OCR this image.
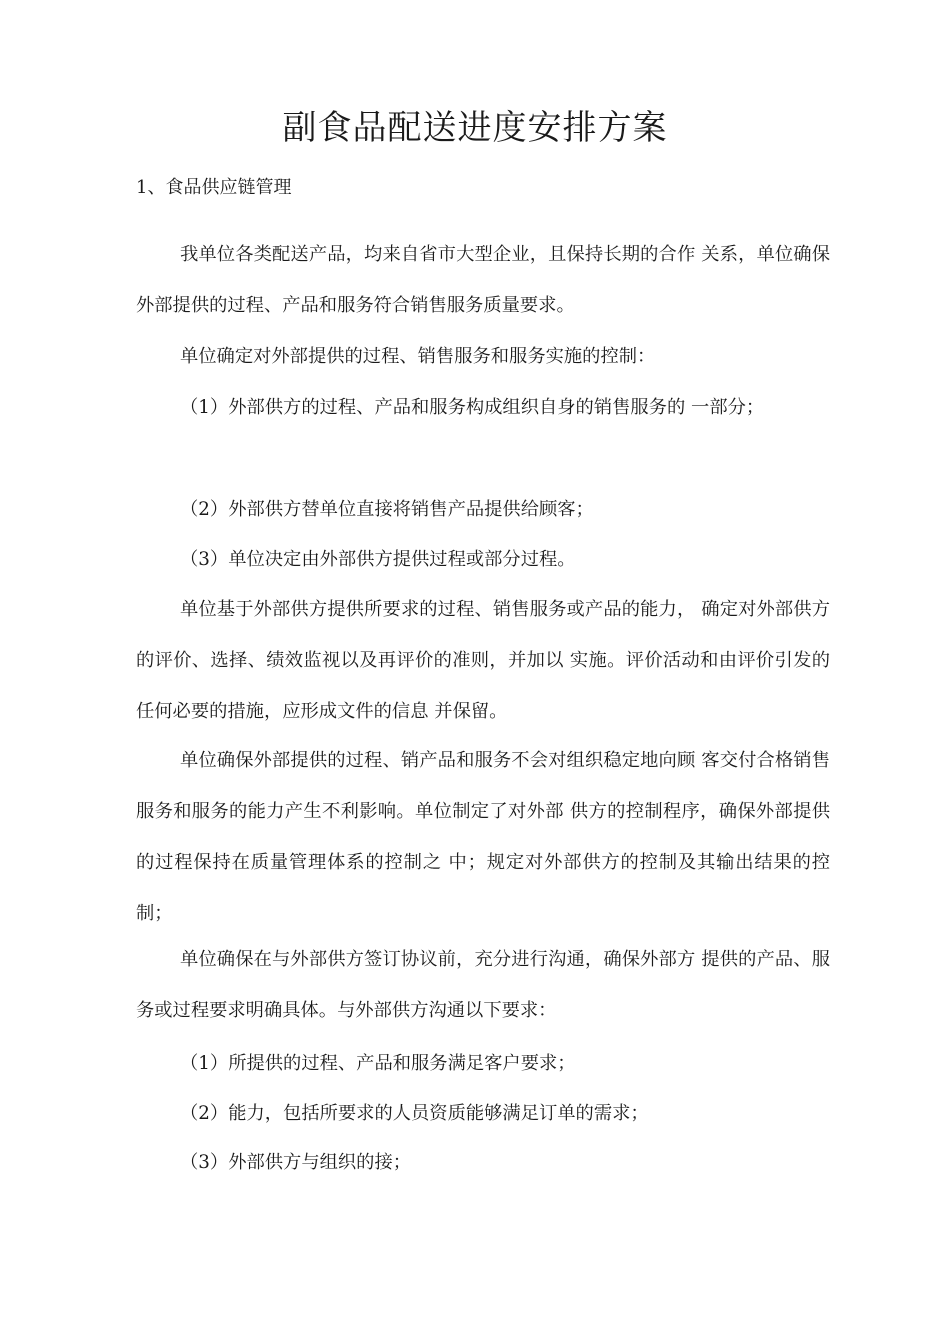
副食品配送进度安排方案
1、食品供应链管理

我单位各类配送产品，均来自省市大型企业，且保持长期的合作 关系，单位确保外部提供的过程、产品和服务符合销售服务质量要求。

单位确定对外部提供的过程、销售服务和服务实施的控制：

（1）外部供方的过程、产品和服务构成组织自身的销售服务的 一部分；

（2）外部供方替单位直接将销售产品提供给顾客；

（3）单位决定由外部供方提供过程或部分过程。

单位基于外部供方提供所要求的过程、销售服务或产品的能力， 确定对外部供方的评价、选择、绩效监视以及再评价的准则，并加以 实施。评价活动和由评价引发的任何必要的措施，应形成文件的信息 并保留。

单位确保外部提供的过程、销产品和服务不会对组织稳定地向顾 客交付合格销售服务和服务的能力产生不利影响。单位制定了对外部 供方的控制程序，确保外部提供的过程保持在质量管理体系的控制之 中；规定对外部供方的控制及其输出结果的控制；

单位确保在与外部供方签订协议前，充分进行沟通，确保外部方 提供的产品、服务或过程要求明确具体。与外部供方沟通以下要求：

（1）所提供的过程、产品和服务满足客户要求；

（2）能力，包括所要求的人员资质能够满足订单的需求；

（3）外部供方与组织的接；
